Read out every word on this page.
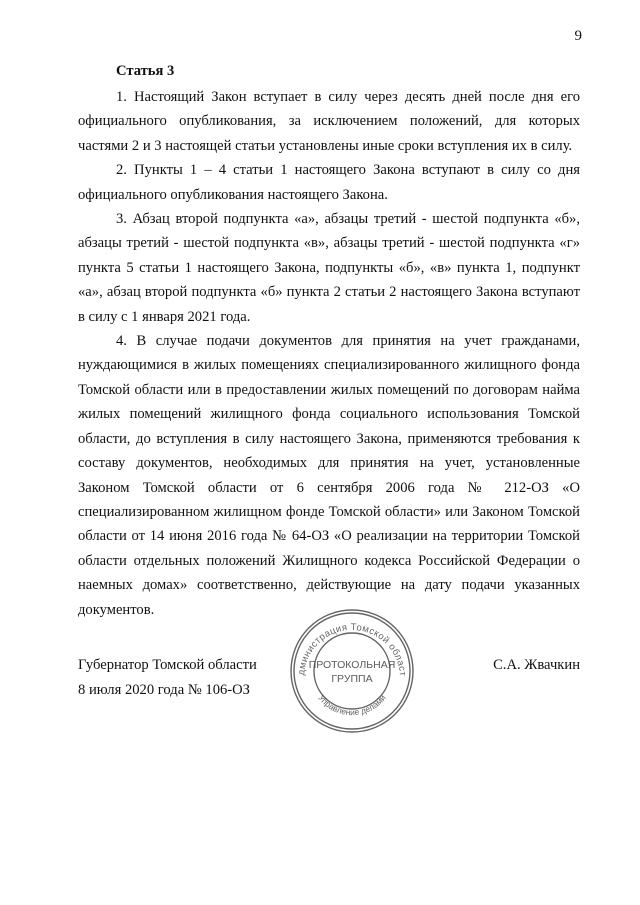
9

Статья 3

1. Настоящий Закон вступает в силу через десять дней после дня его официального опубликования, за исключением положений, для которых частями 2 и 3 настоящей статьи установлены иные сроки вступления их в силу.

2. Пункты 1 – 4 статьи 1 настоящего Закона вступают в силу со дня официального опубликования настоящего Закона.

3. Абзац второй подпункта «а», абзацы третий - шестой подпункта «б», абзацы третий - шестой подпункта «в», абзацы третий - шестой подпункта «г» пункта 5 статьи 1 настоящего Закона, подпункты «б», «в» пункта 1, подпункт «а», абзац второй подпункта «б» пункта 2 статьи 2 настоящего Закона вступают в силу с 1 января 2021 года.

4. В случае подачи документов для принятия на учет гражданами, нуждающимися в жилых помещениях специализированного жилищного фонда Томской области или в предоставлении жилых помещений по договорам найма жилых помещений жилищного фонда социального использования Томской области, до вступления в силу настоящего Закона, применяются требования к составу документов, необходимых для принятия на учет, установленные Законом Томской области от 6 сентября 2006 года № 212-ОЗ «О специализированном жилищном фонде Томской области» или Законом Томской области от 14 июня 2016 года № 64-ОЗ «О реализации на территории Томской области отдельных положений Жилищного кодекса Российской Федерации о наемных домах» соответственно, действующие на дату подачи указанных документов.

дминистрация Томской област
ПРОТОКОЛЬНАЯ
ГРУППА
Управление делами
Губернатор Томской области
8 июля 2020 года № 106-ОЗ
С.А. Жвачкин
